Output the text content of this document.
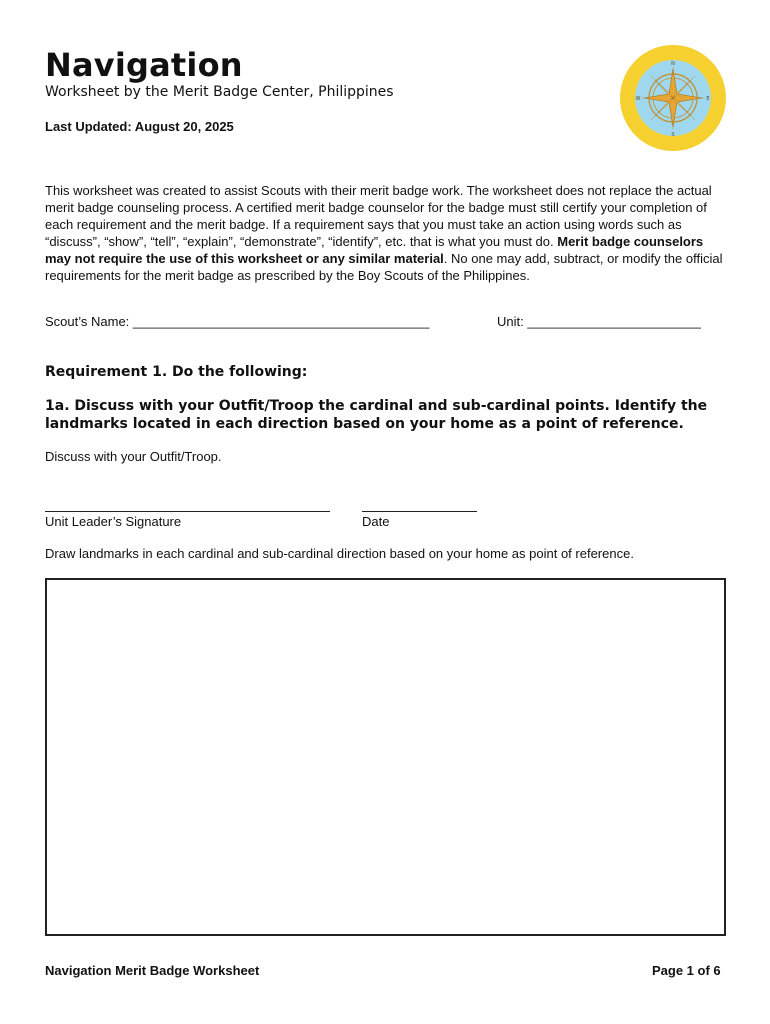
Navigation
Worksheet by the Merit Badge Center, Philippines
Last Updated: August 20, 2025
N
E
S
W
This worksheet was created to assist Scouts with their merit badge work. The worksheet does not replace the actual merit badge counseling process. A certified merit badge counselor for the badge must still certify your completion of each requirement and the merit badge. If a requirement says that you must take an action using words such as “discuss”, “show”, “tell”, “explain”, “demonstrate”, “identify”, etc. that is what you must do. Merit badge counselors may not require the use of this worksheet or any similar material. No one may add, subtract, or modify the official requirements for the merit badge as prescribed by the Boy Scouts of the Philippines.
Scout’s Name: _________________________________________	Unit: ________________________
Requirement 1. Do the following:
1a. Discuss with your Outfit/Troop the cardinal and sub-cardinal points. Identify the landmarks located in each direction based on your home as a point of reference.
Discuss with your Outfit/Troop.
Unit Leader’s Signature	Date
Draw landmarks in each cardinal and sub-cardinal direction based on your home as point of reference.
Navigation Merit Badge Worksheet	Page 1 of 6
